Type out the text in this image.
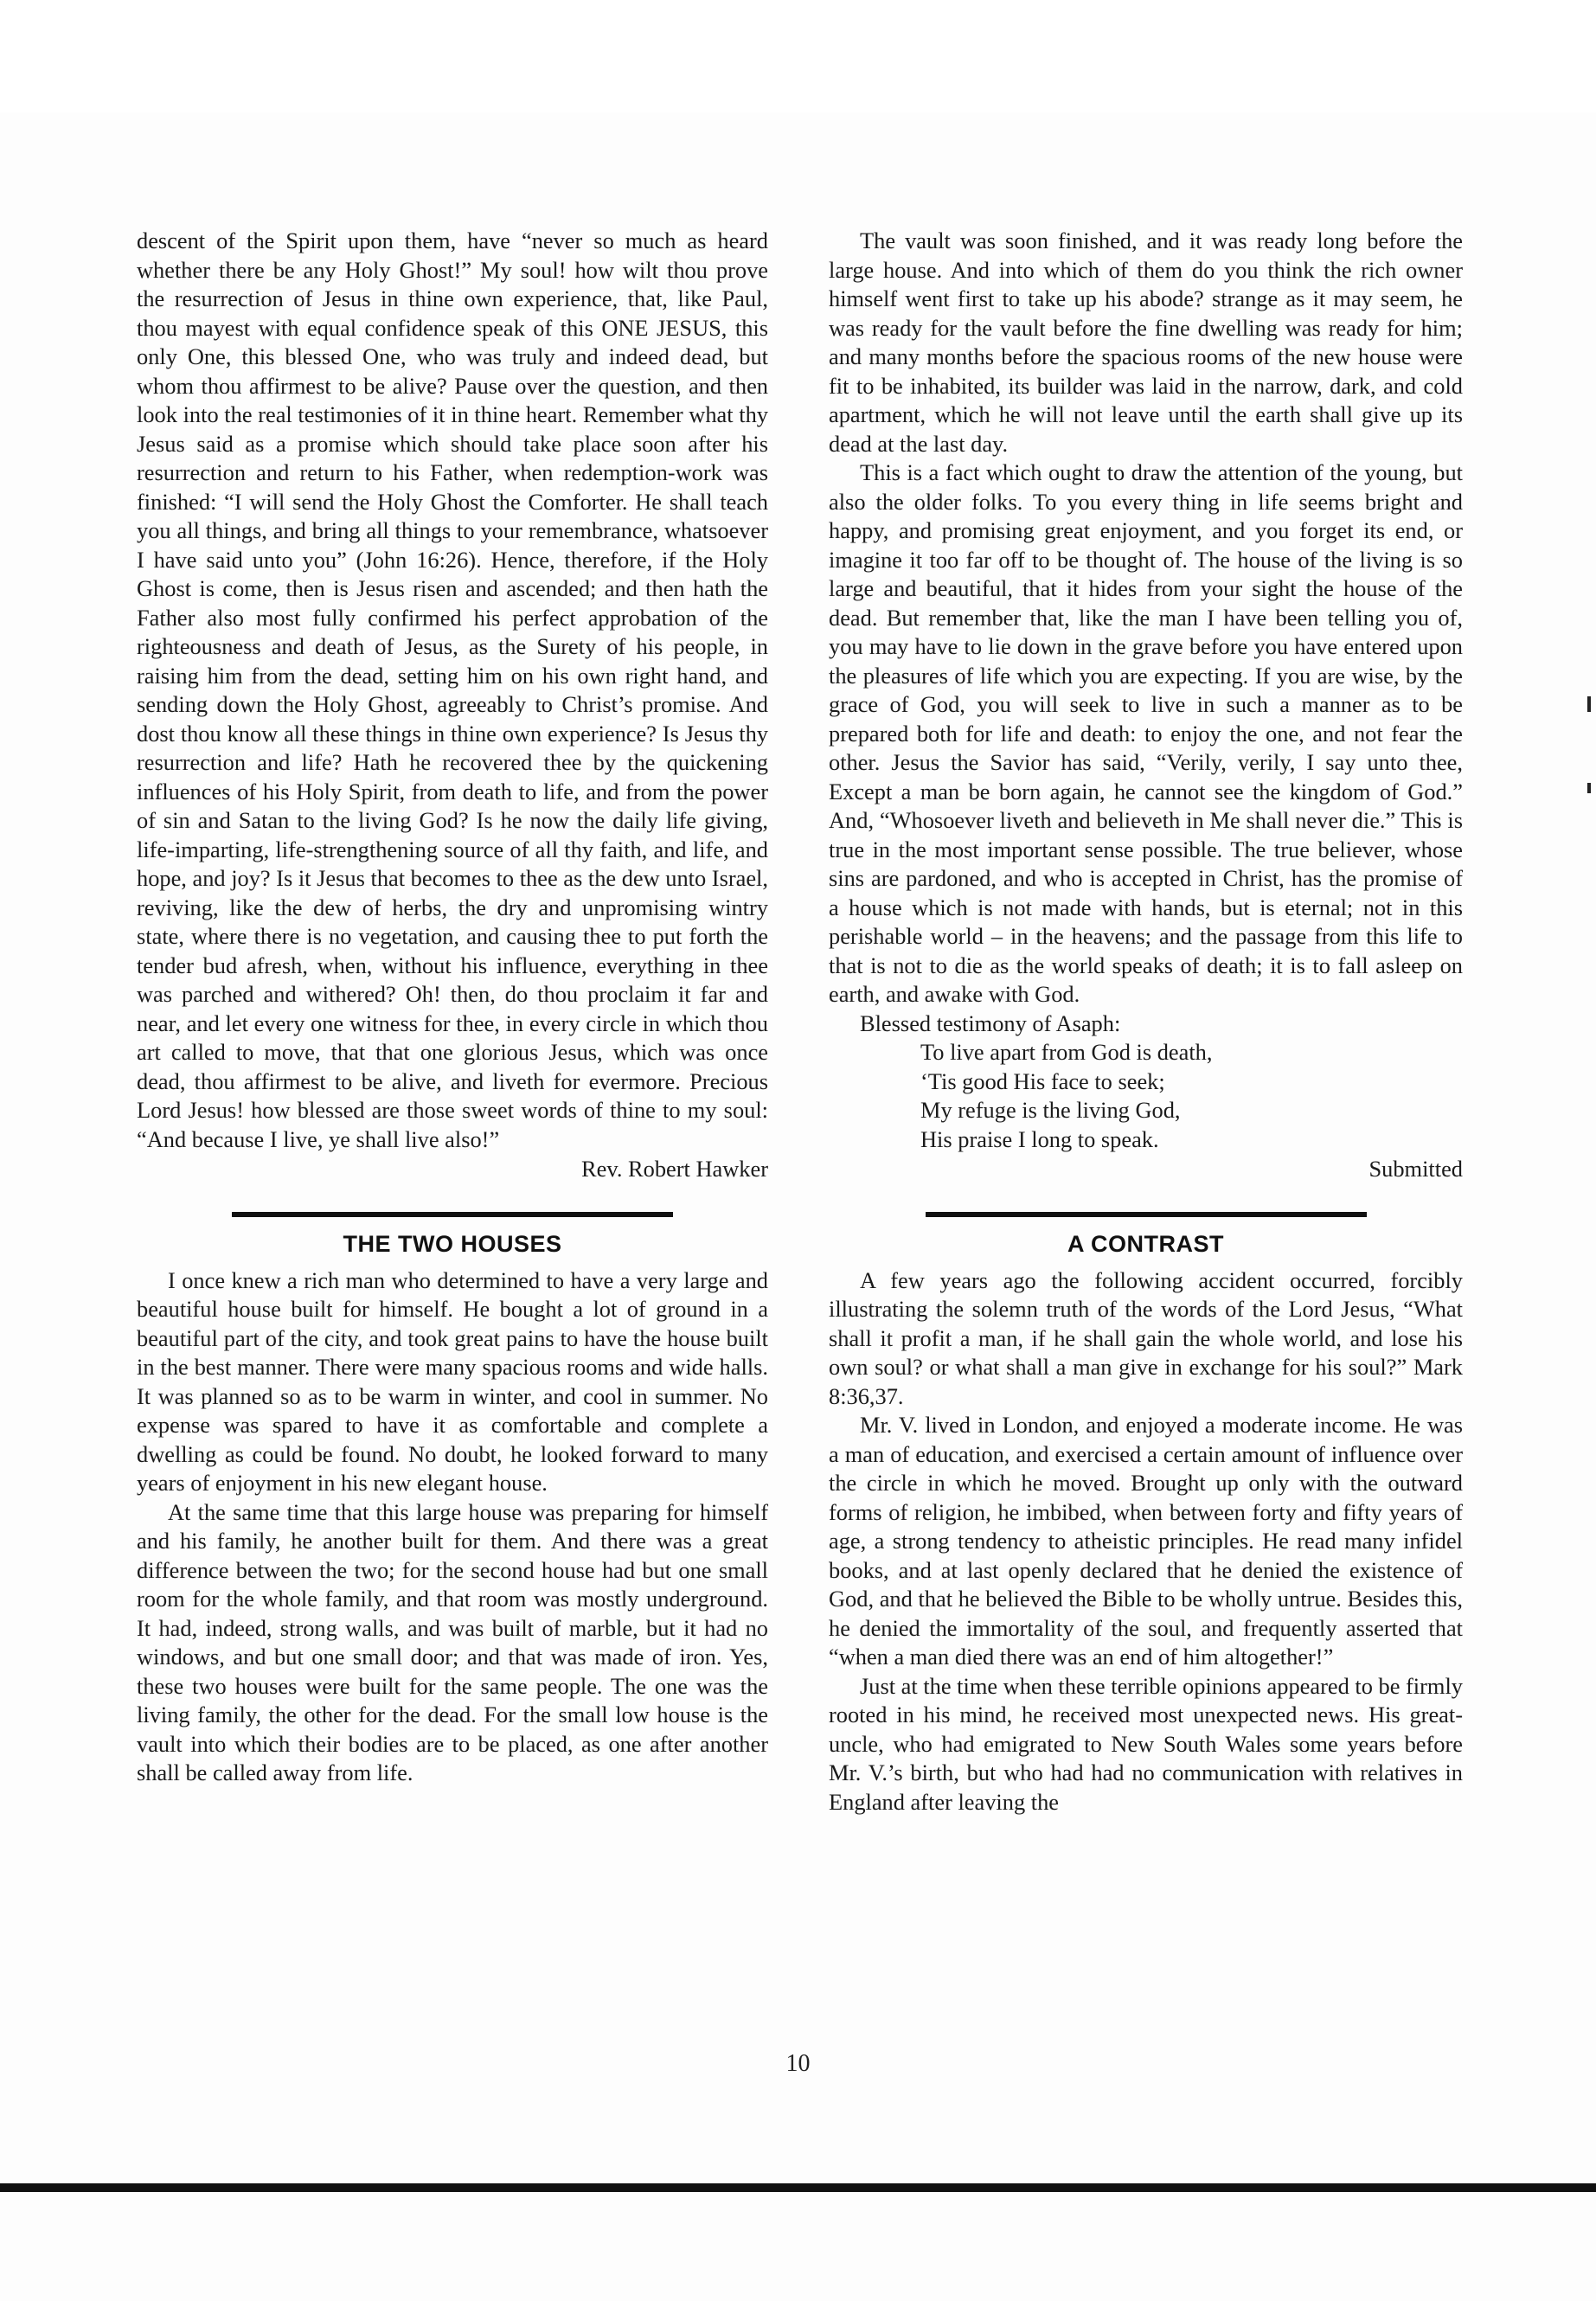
descent of the Spirit upon them, have “never so much as heard whether there be any Holy Ghost!” My soul! how wilt thou prove the resurrection of Jesus in thine own experience, that, like Paul, thou mayest with equal confidence speak of this ONE JESUS, this only One, this blessed One, who was truly and indeed dead, but whom thou affirmest to be alive? Pause over the question, and then look into the real testimonies of it in thine heart. Remember what thy Jesus said as a promise which should take place soon after his resurrection and return to his Father, when redemption-work was finished: “I will send the Holy Ghost the Comforter. He shall teach you all things, and bring all things to your remembrance, whatsoever I have said unto you” (John 16:26). Hence, therefore, if the Holy Ghost is come, then is Jesus risen and ascended; and then hath the Father also most fully confirmed his perfect approbation of the righteousness and death of Jesus, as the Surety of his people, in raising him from the dead, setting him on his own right hand, and sending down the Holy Ghost, agreeably to Christ’s promise. And dost thou know all these things in thine own experience? Is Jesus thy resurrection and life? Hath he recovered thee by the quickening influences of his Holy Spirit, from death to life, and from the power of sin and Satan to the living God? Is he now the daily life giving, life-imparting, life-strengthening source of all thy faith, and life, and hope, and joy? Is it Jesus that becomes to thee as the dew unto Israel, reviving, like the dew of herbs, the dry and unpromising wintry state, where there is no vegetation, and causing thee to put forth the tender bud afresh, when, without his influence, everything in thee was parched and withered? Oh! then, do thou proclaim it far and near, and let every one witness for thee, in every circle in which thou art called to move, that that one glorious Jesus, which was once dead, thou affirmest to be alive, and liveth for evermore. Precious Lord Jesus! how blessed are those sweet words of thine to my soul: “And because I live, ye shall live also!”

Rev. Robert Hawker
THE TWO HOUSES

I once knew a rich man who determined to have a very large and beautiful house built for himself. He bought a lot of ground in a beautiful part of the city, and took great pains to have the house built in the best manner. There were many spacious rooms and wide halls. It was planned so as to be warm in winter, and cool in summer. No expense was spared to have it as comfortable and complete a dwelling as could be found. No doubt, he looked forward to many years of enjoyment in his new elegant house.

At the same time that this large house was preparing for himself and his family, he another built for them. And there was a great difference between the two; for the second house had but one small room for the whole family, and that room was mostly underground. It had, indeed, strong walls, and was built of marble, but it had no windows, and but one small door; and that was made of iron. Yes, these two houses were built for the same people. The one was the living family, the other for the dead. For the small low house is the vault into which their bodies are to be placed, as one after another shall be called away from life.

The vault was soon finished, and it was ready long before the large house. And into which of them do you think the rich owner himself went first to take up his abode? strange as it may seem, he was ready for the vault before the fine dwelling was ready for him; and many months before the spacious rooms of the new house were fit to be inhabited, its builder was laid in the narrow, dark, and cold apartment, which he will not leave until the earth shall give up its dead at the last day.

This is a fact which ought to draw the attention of the young, but also the older folks. To you every thing in life seems bright and happy, and promising great enjoyment, and you forget its end, or imagine it too far off to be thought of. The house of the living is so large and beautiful, that it hides from your sight the house of the dead. But remember that, like the man I have been telling you of, you may have to lie down in the grave before you have entered upon the pleasures of life which you are expecting. If you are wise, by the grace of God, you will seek to live in such a manner as to be prepared both for life and death: to enjoy the one, and not fear the other. Jesus the Savior has said, “Verily, verily, I say unto thee, Except a man be born again, he cannot see the kingdom of God.” And, “Whosoever liveth and believeth in Me shall never die.” This is true in the most important sense possible. The true believer, whose sins are pardoned, and who is accepted in Christ, has the promise of a house which is not made with hands, but is eternal; not in this perishable world – in the heavens; and the passage from this life to that is not to die as the world speaks of death; it is to fall asleep on earth, and awake with God.

Blessed testimony of Asaph:

To live apart from God is death,
‘Tis good His face to seek;
My refuge is the living God,
His praise I long to speak.
Submitted
A CONTRAST

A few years ago the following accident occurred, forcibly illustrating the solemn truth of the words of the Lord Jesus, “What shall it profit a man, if he shall gain the whole world, and lose his own soul? or what shall a man give in exchange for his soul?” Mark 8:36,37.

Mr. V. lived in London, and enjoyed a moderate income. He was a man of education, and exercised a certain amount of influence over the circle in which he moved. Brought up only with the outward forms of religion, he imbibed, when between forty and fifty years of age, a strong tendency to atheistic principles. He read many infidel books, and at last openly declared that he denied the existence of God, and that he believed the Bible to be wholly untrue. Besides this, he denied the immortality of the soul, and frequently asserted that “when a man died there was an end of him altogether!”

Just at the time when these terrible opinions appeared to be firmly rooted in his mind, he received most unexpected news. His great-uncle, who had emigrated to New South Wales some years before Mr. V.’s birth, but who had had no communication with relatives in England after leaving the

10
